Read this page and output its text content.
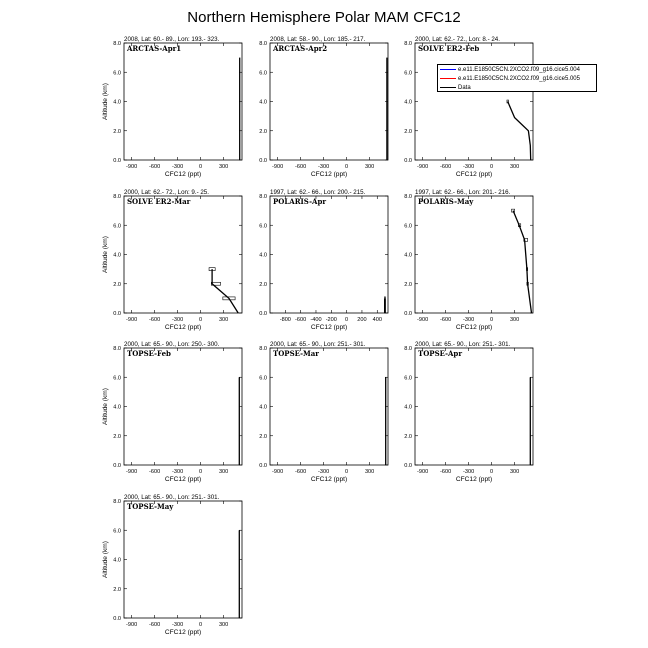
Northern Hemisphere Polar MAM CFC12
2008, Lat: 60.- 89., Lon: 193.- 323.
ARCTAS-Apr1
-900 -600 -300	0	300
0.0
2.0
4.0
6.0
8.0
CFC12 (ppt)
Altitude (km)
2008, Lat: 58.- 90., Lon: 185.- 217.
ARCTAS-Apr2
-900 -600 -300	0	300
0.0
2.0
4.0
6.0
8.0
CFC12 (ppt)
2000, Lat: 62.- 72., Lon: 8.- 24.
SOLVE ER2-Feb
-900 -600 -300	0	300
0.0
2.0
4.0
6.0
8.0
CFC12 (ppt)
2000, Lat: 62.- 72., Lon: 9.- 25.
SOLVE ER2-Mar
-900 -600 -300	0	300
0.0
2.0
4.0
6.0
8.0
CFC12 (ppt)
Altitude (km)
1997, Lat: 62.- 66., Lon: 200.- 215.
POLARIS-Apr
-800 -600 -400 -200 0 200 400
0.0
2.0
4.0
6.0
8.0
CFC12 (ppt)
1997, Lat: 62.- 66., Lon: 201.- 216.
POLARIS-May
-900 -600 -300	0	300
0.0
2.0
4.0
6.0
8.0
CFC12 (ppt)
2000, Lat: 65.- 90., Lon: 250.- 300.
TOPSE-Feb
-900 -600 -300	0	300
0.0
2.0
4.0
6.0
8.0
CFC12 (ppt)
Altitude (km)
2000, Lat: 65.- 90., Lon: 251.- 301.
TOPSE-Mar
-900 -600 -300	0	300
0.0
2.0
4.0
6.0
8.0
CFC12 (ppt)
2000, Lat: 65.- 90., Lon: 251.- 301.
TOPSE-Apr
-900 -600 -300	0	300
0.0
2.0
4.0
6.0
8.0
CFC12 (ppt)
2000, Lat: 65.- 90., Lon: 251.- 301.
TOPSE-May
-900 -600 -300	0	300
0.0
2.0
4.0
6.0
8.0
CFC12 (ppt)
Altitude (km)
e.e11.E1850C5CN.2XCO2.f09_g16.cice5.004
e.e11.E1850C5CN.2XCO2.f09_g16.cice5.005
Data
